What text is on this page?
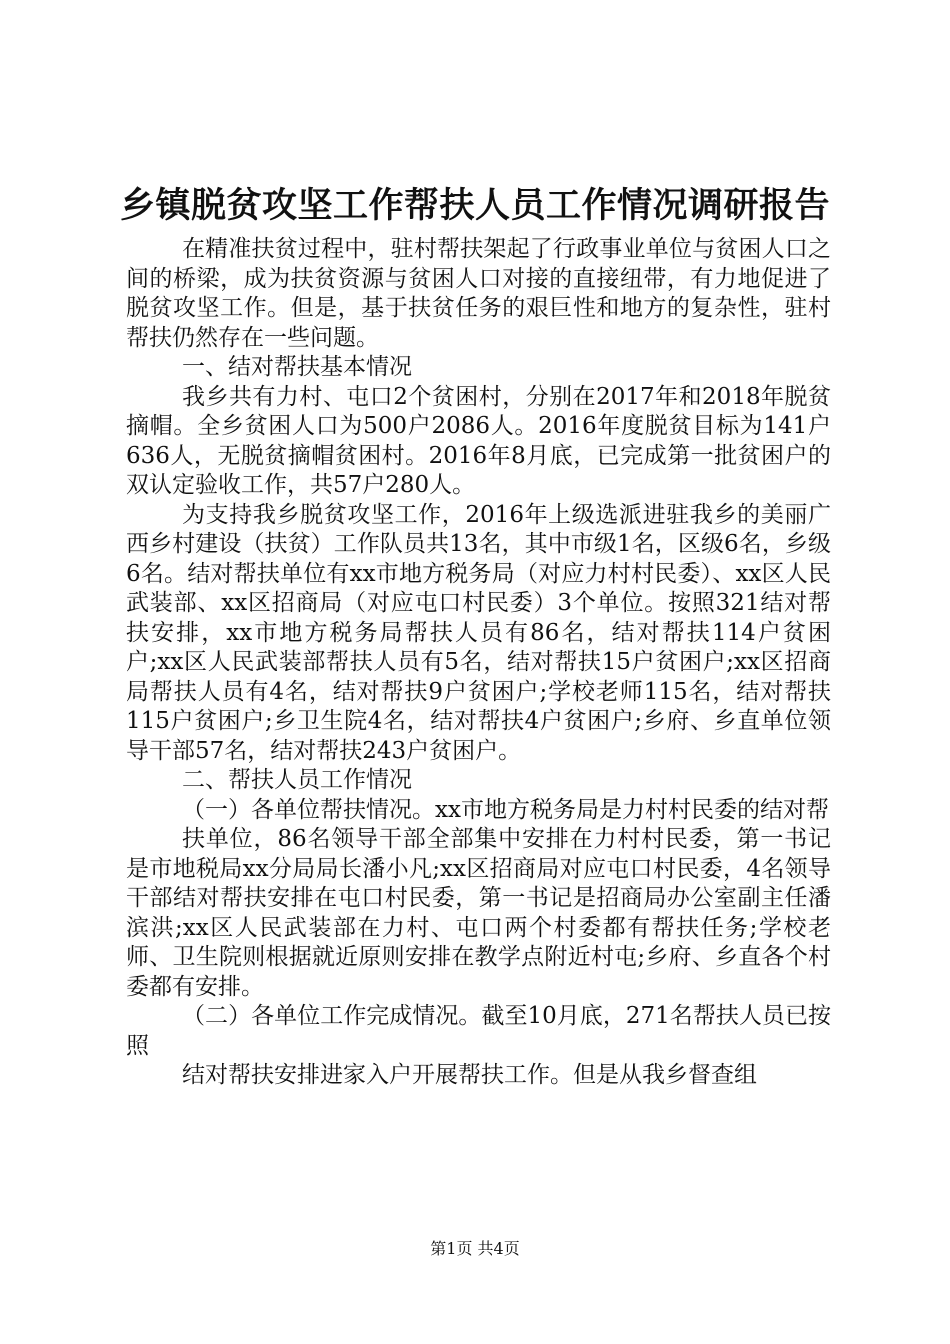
乡镇脱贫攻坚工作帮扶人员工作情况调研报告

在精准扶贫过程中，驻村帮扶架起了行政事业单位与贫困人口之间的桥梁，成为扶贫资源与贫困人口对接的直接纽带，有力地促进了脱贫攻坚工作。但是，基于扶贫任务的艰巨性和地方的复杂性，驻村帮扶仍然存在一些问题。

一、结对帮扶基本情况

我乡共有力村、屯口2个贫困村，分别在2017年和2018年脱贫摘帽。全乡贫困人口为500户2086人。2016年度脱贫目标为141户636人，无脱贫摘帽贫困村。2016年8月底，已完成第一批贫困户的双认定验收工作，共57户280人。

为支持我乡脱贫攻坚工作，2016年上级选派进驻我乡的美丽广西乡村建设（扶贫）工作队员共13名，其中市级1名，区级6名，乡级6名。结对帮扶单位有xx市地方税务局（对应力村村民委）、xx区人民武装部、xx区招商局（对应屯口村民委）3个单位。按照321结对帮扶安排，xx市地方税务局帮扶人员有86名，结对帮扶114户贫困户;xx区人民武装部帮扶人员有5名，结对帮扶15户贫困户;xx区招商局帮扶人员有4名，结对帮扶9户贫困户;学校老师115名，结对帮扶115户贫困户;乡卫生院4名，结对帮扶4户贫困户;乡府、乡直单位领导干部57名，结对帮扶243户贫困户。

二、帮扶人员工作情况

（一）各单位帮扶情况。xx市地方税务局是力村村民委的结对帮

扶单位，86名领导干部全部集中安排在力村村民委，第一书记是市地税局xx分局局长潘小凡;xx区招商局对应屯口村民委，4名领导干部结对帮扶安排在屯口村民委，第一书记是招商局办公室副主任潘滨洪;xx区人民武装部在力村、屯口两个村委都有帮扶任务;学校老师、卫生院则根据就近原则安排在教学点附近村屯;乡府、乡直各个村委都有安排。

（二）各单位工作完成情况。截至10月底，271名帮扶人员已按照

结对帮扶安排进家入户开展帮扶工作。但是从我乡督查组

第1页 共4页
